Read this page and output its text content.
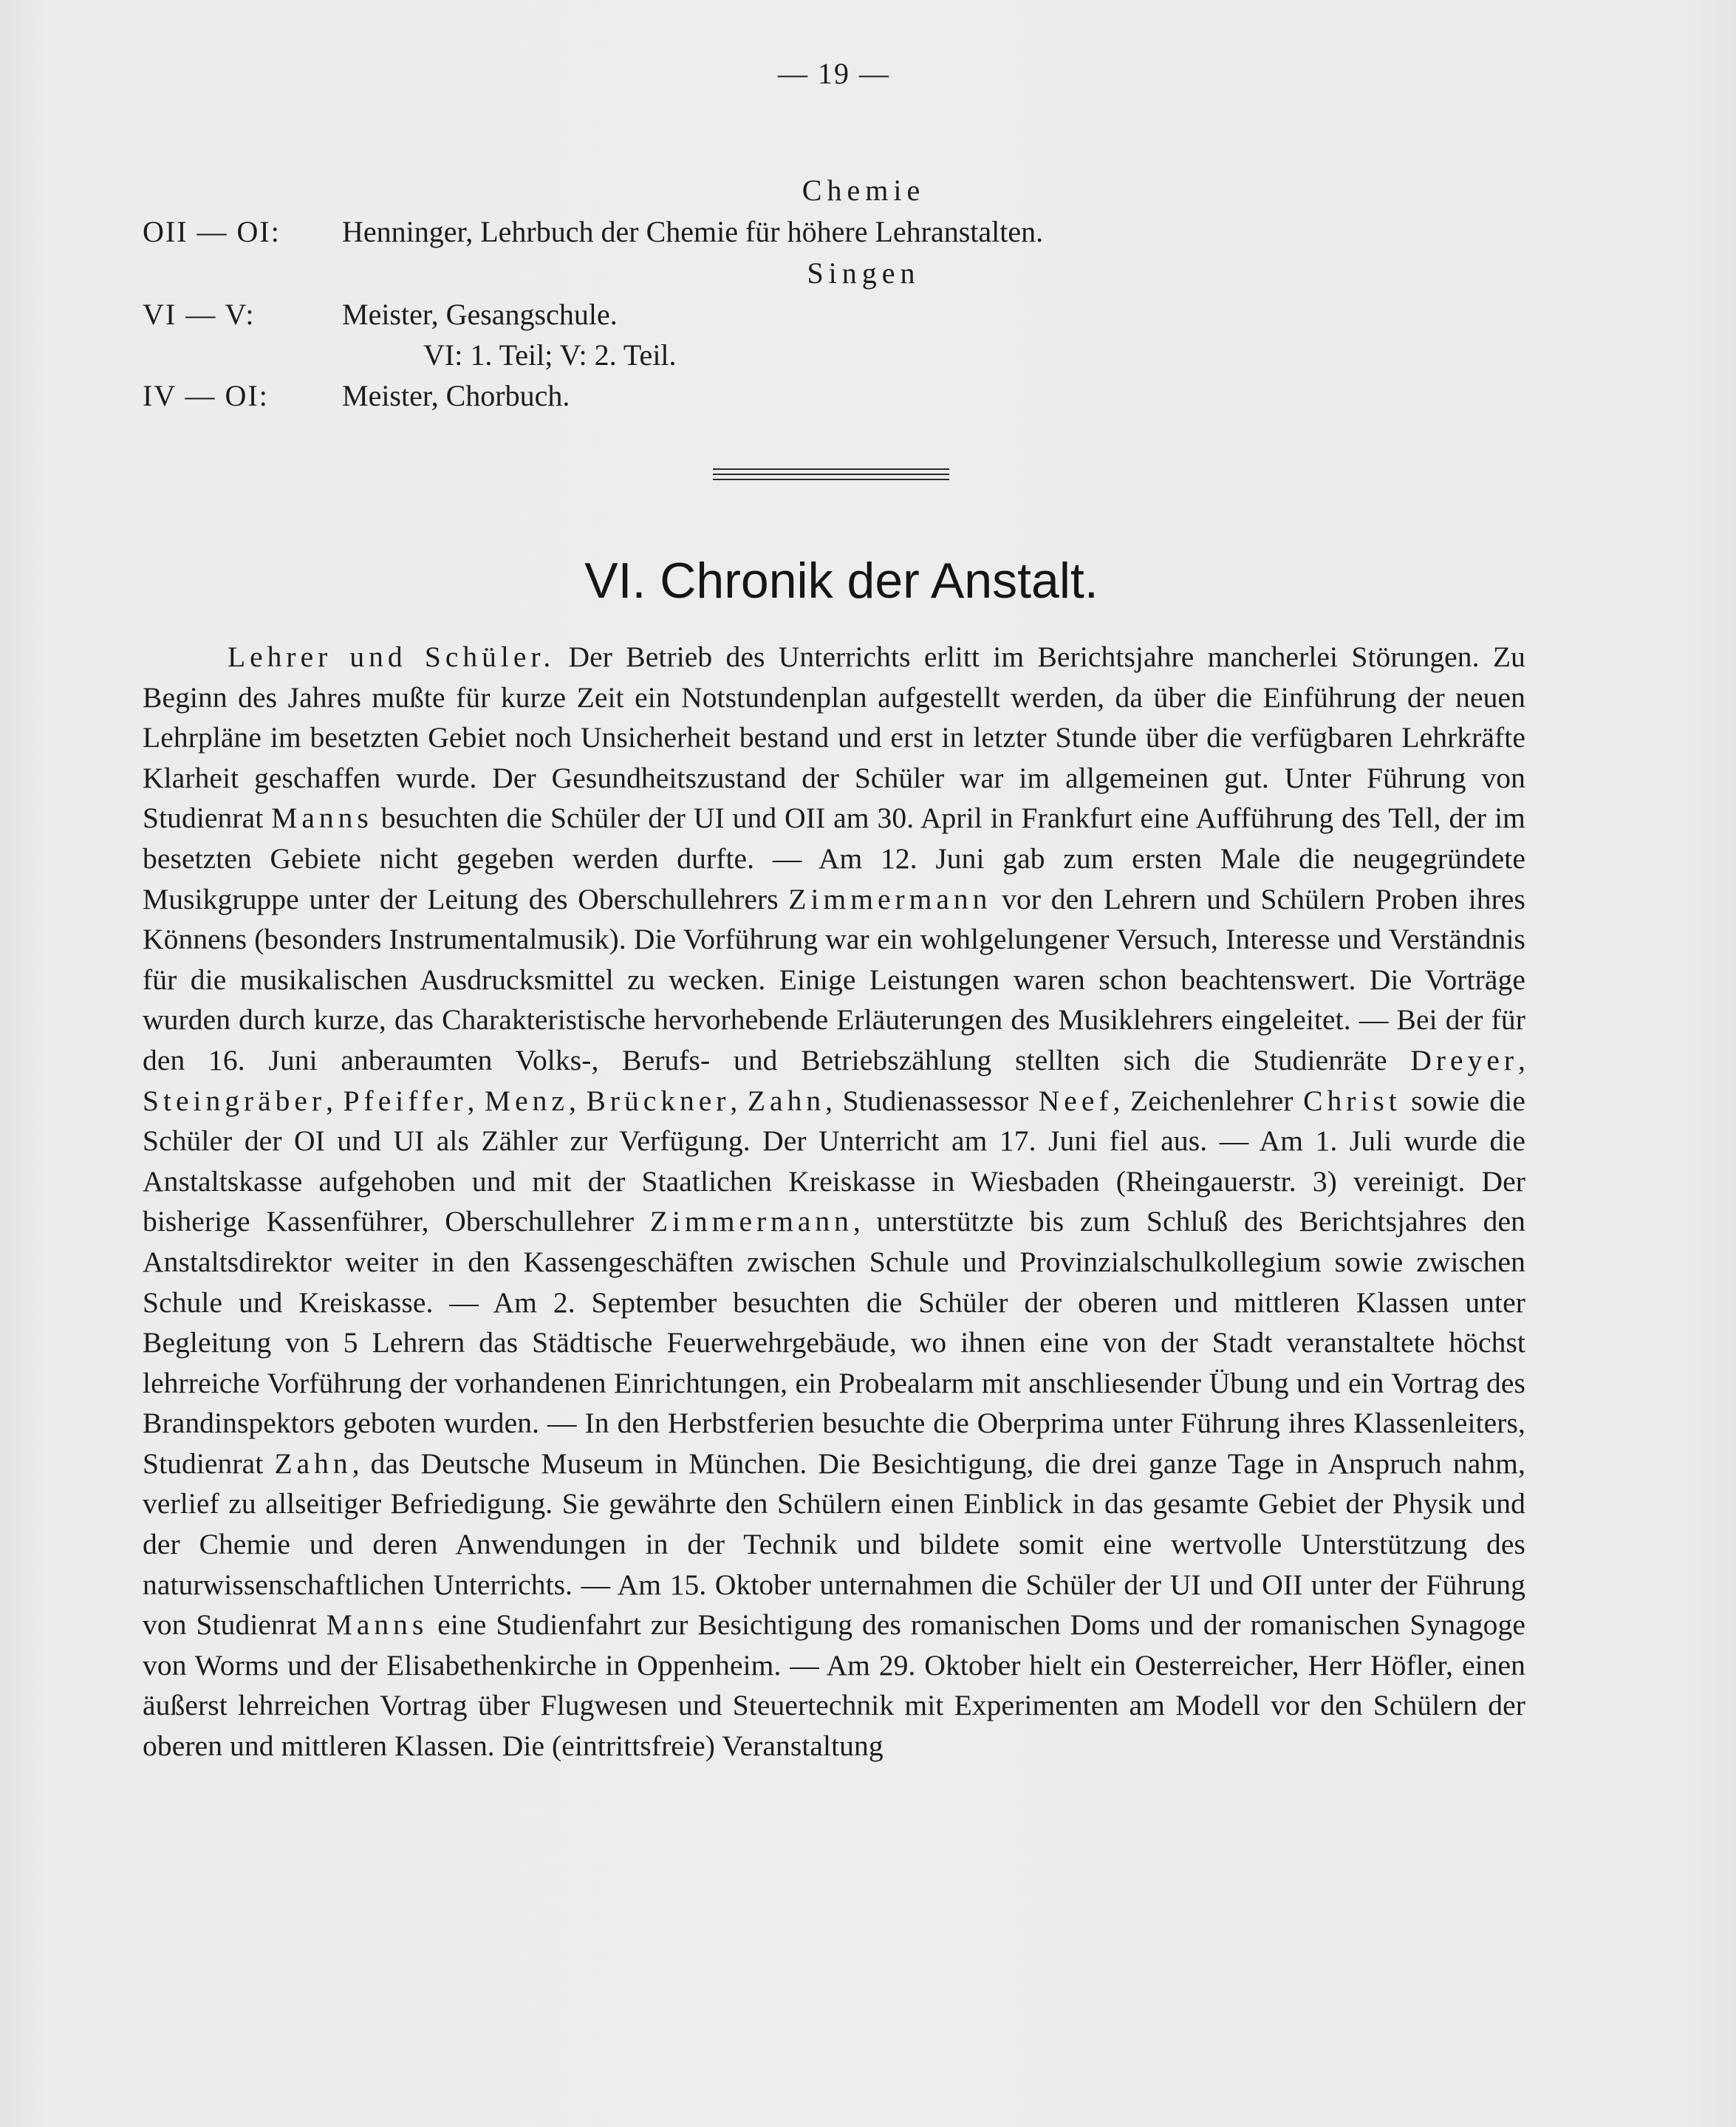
— 19 —
Chemie
OII — OI:	Henninger, Lehrbuch der Chemie für höhere Lehranstalten.
Singen
VI — V:	Meister, Gesangschule.
VI: 1. Teil; V: 2. Teil.
IV — OI:	Meister, Chorbuch.
VI. Chronik der Anstalt.

Lehrer und Schüler. Der Betrieb des Unterrichts erlitt im Berichtsjahre mancherlei Störungen. Zu Beginn des Jahres mußte für kurze Zeit ein Notstundenplan aufgestellt werden, da über die Einführung der neuen Lehrpläne im besetzten Gebiet noch Unsicherheit bestand und erst in letzter Stunde über die verfügbaren Lehrkräfte Klarheit geschaffen wurde. Der Gesundheitszustand der Schüler war im allgemeinen gut. Unter Führung von Studienrat Manns besuchten die Schüler der UI und OII am 30. April in Frankfurt eine Aufführung des Tell, der im besetzten Gebiete nicht gegeben werden durfte. — Am 12. Juni gab zum ersten Male die neugegründete Musikgruppe unter der Leitung des Oberschullehrers Zimmermann vor den Lehrern und Schülern Proben ihres Könnens (besonders Instrumentalmusik). Die Vorführung war ein wohlgelungener Versuch, Interesse und Verständnis für die musikalischen Ausdrucksmittel zu wecken. Einige Leistungen waren schon beachtenswert. Die Vorträge wurden durch kurze, das Charakteristische hervorhebende Erläuterungen des Musiklehrers eingeleitet. — Bei der für den 16. Juni anberaumten Volks-, Berufs- und Betriebszählung stellten sich die Studienräte Dreyer, Steingräber, Pfeiffer, Menz, Brückner, Zahn, Studienassessor Neef, Zeichenlehrer Christ sowie die Schüler der OI und UI als Zähler zur Verfügung. Der Unterricht am 17. Juni fiel aus. — Am 1. Juli wurde die Anstaltskasse aufgehoben und mit der Staatlichen Kreiskasse in Wiesbaden (Rheingauerstr. 3) vereinigt. Der bisherige Kassenführer, Oberschullehrer Zimmermann, unterstützte bis zum Schluß des Berichtsjahres den Anstaltsdirektor weiter in den Kassengeschäften zwischen Schule und Provinzialschulkollegium sowie zwischen Schule und Kreiskasse. — Am 2. September besuchten die Schüler der oberen und mittleren Klassen unter Begleitung von 5 Lehrern das Städtische Feuerwehrgebäude, wo ihnen eine von der Stadt veranstaltete höchst lehrreiche Vorführung der vorhandenen Einrichtungen, ein Probealarm mit anschliesender Übung und ein Vortrag des Brandinspektors geboten wurden. — In den Herbstferien besuchte die Oberprima unter Führung ihres Klassenleiters, Studienrat Zahn, das Deutsche Museum in München. Die Besichtigung, die drei ganze Tage in Anspruch nahm, verlief zu allseitiger Befriedigung. Sie gewährte den Schülern einen Einblick in das gesamte Gebiet der Physik und der Chemie und deren Anwendungen in der Technik und bildete somit eine wertvolle Unterstützung des naturwissenschaftlichen Unterrichts. — Am 15. Oktober unternahmen die Schüler der UI und OII unter der Führung von Studienrat Manns eine Studienfahrt zur Besichtigung des romanischen Doms und der romanischen Synagoge von Worms und der Elisabethenkirche in Oppenheim. — Am 29. Oktober hielt ein Oesterreicher, Herr Höfler, einen äußerst lehrreichen Vortrag über Flugwesen und Steuertechnik mit Experimenten am Modell vor den Schülern der oberen und mittleren Klassen. Die (eintrittsfreie) Veranstaltung
